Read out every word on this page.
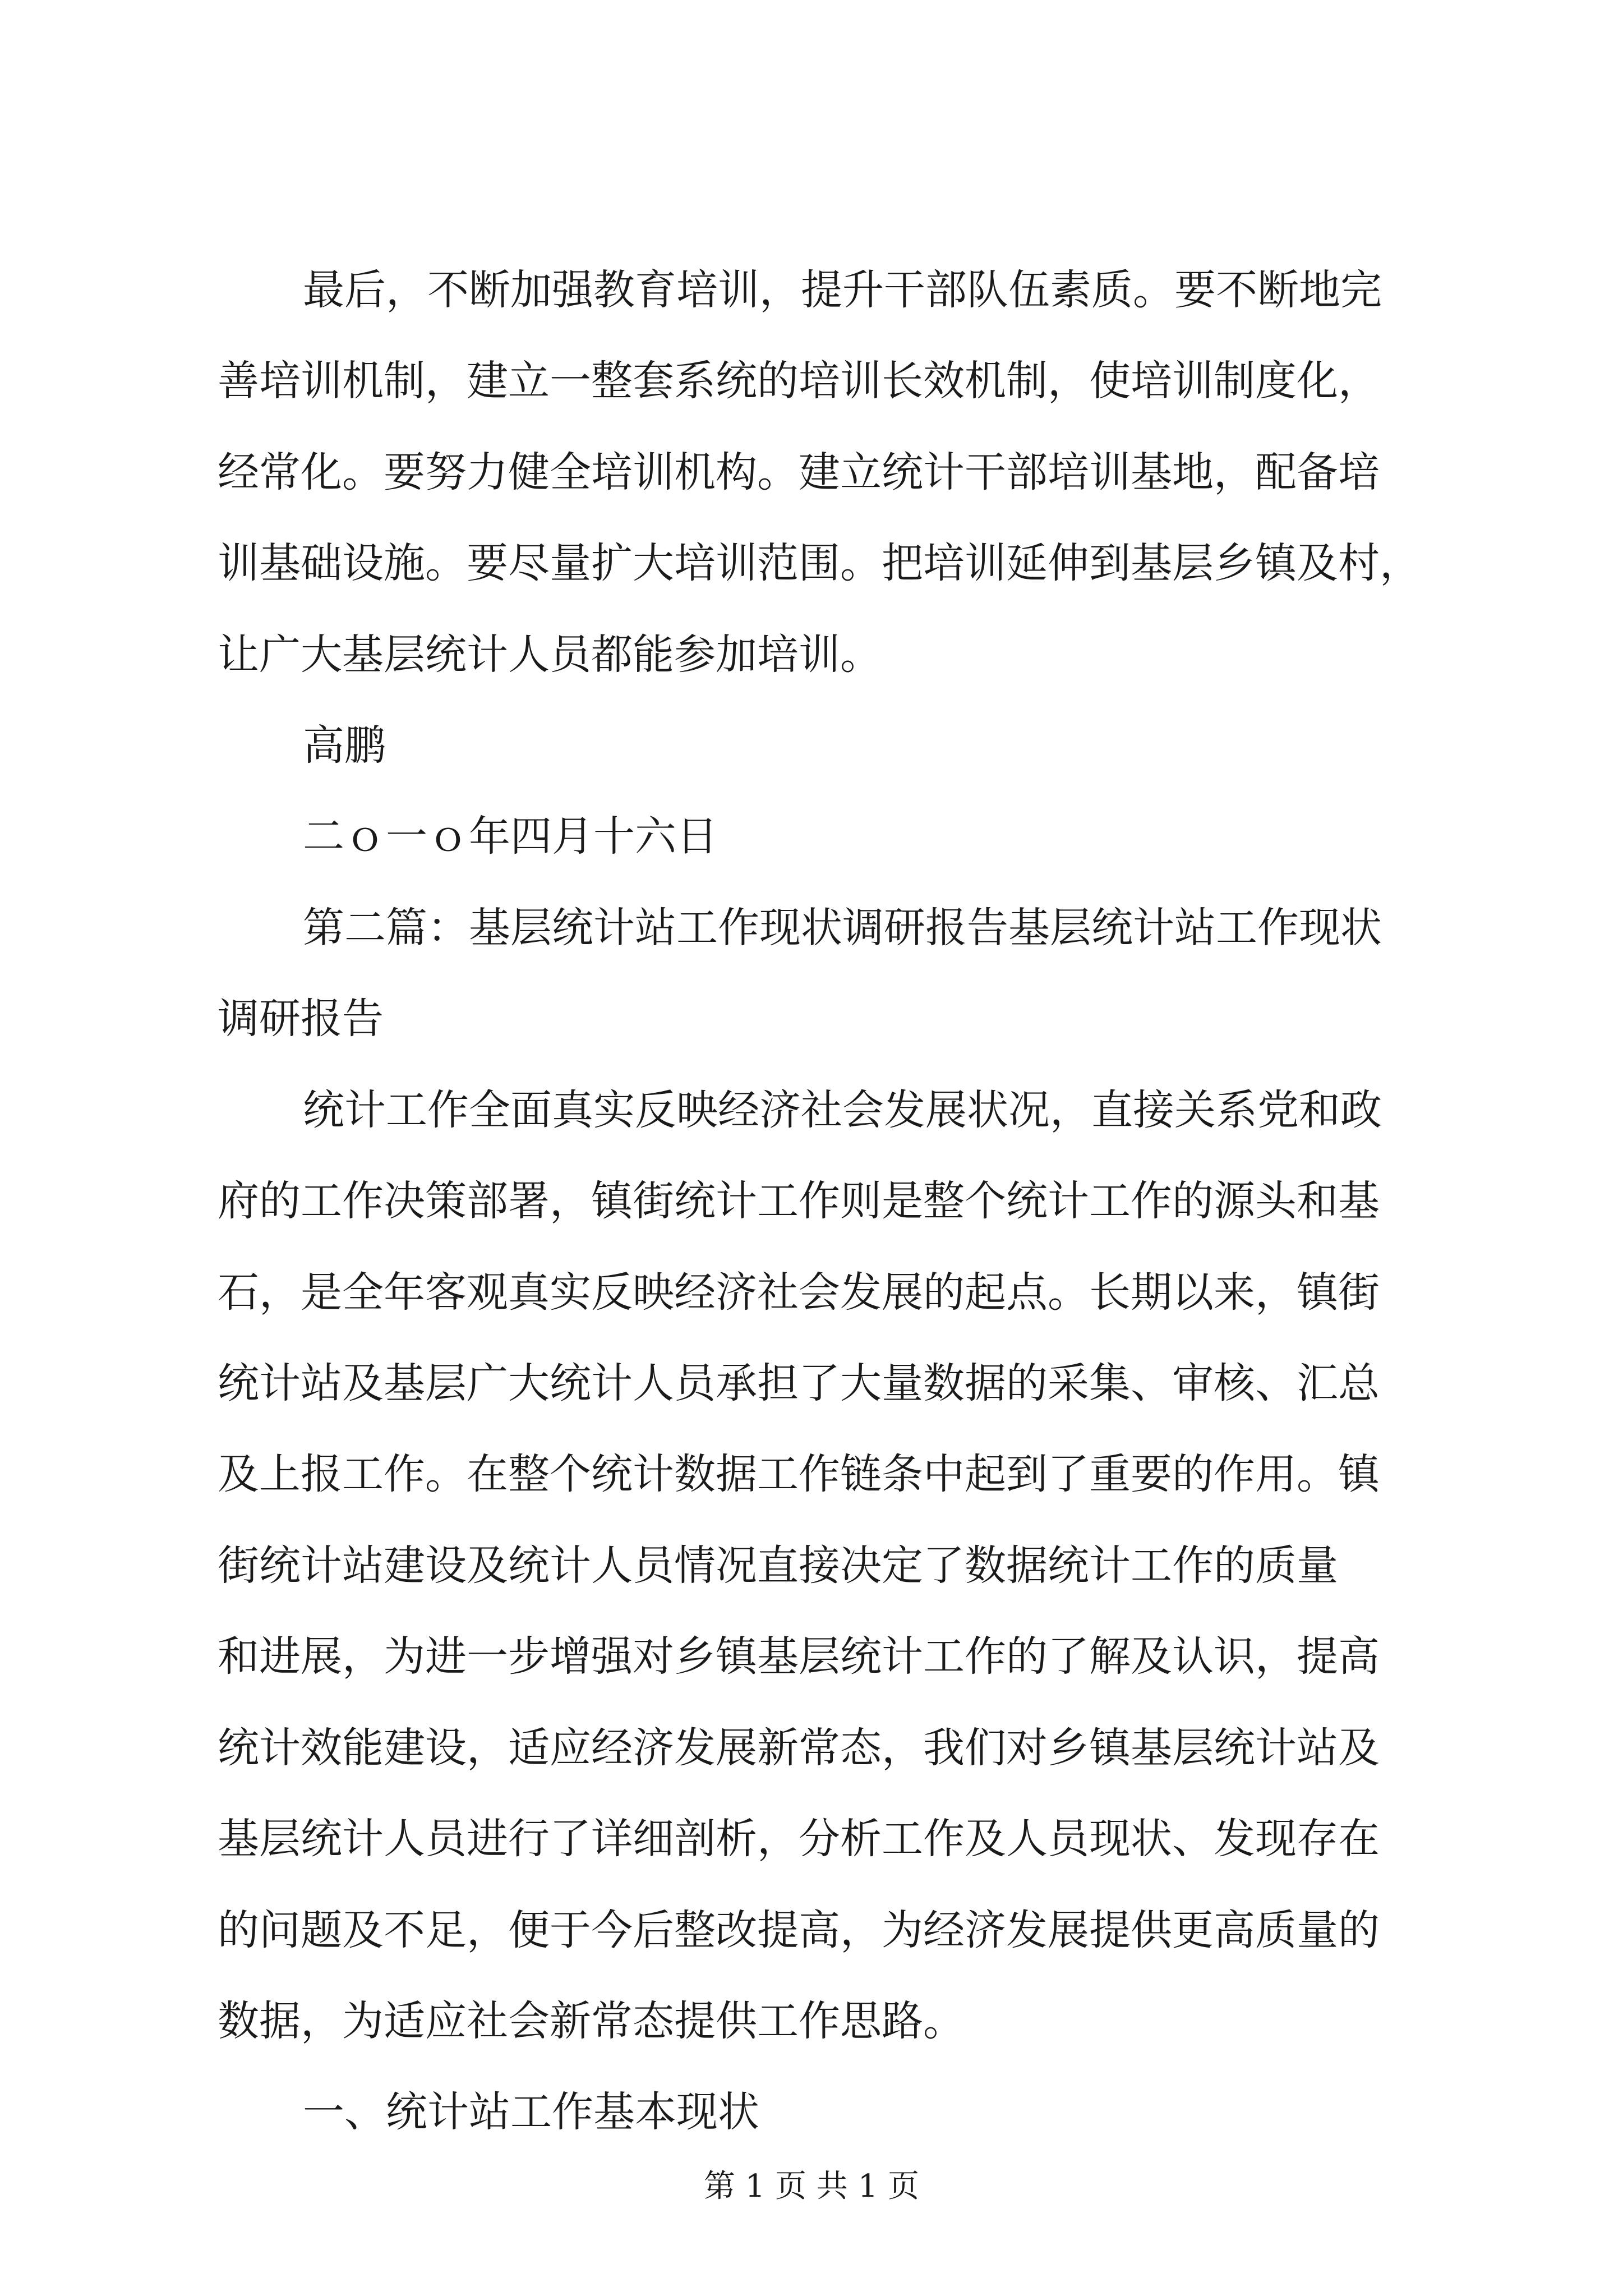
最后，不断加强教育培训，提升干部队伍素质。要不断地完
善培训机制，建立一整套系统的培训长效机制，使培训制度化，
经常化。要努力健全培训机构。建立统计干部培训基地，配备培
训基础设施。要尽量扩大培训范围。把培训延伸到基层乡镇及村，
让广大基层统计人员都能参加培训。
高鹏
二ｏ一ｏ年四月十六日
第二篇：基层统计站工作现状调研报告基层统计站工作现状
调研报告
统计工作全面真实反映经济社会发展状况，直接关系党和政
府的工作决策部署，镇街统计工作则是整个统计工作的源头和基
石，是全年客观真实反映经济社会发展的起点。长期以来，镇街
统计站及基层广大统计人员承担了大量数据的采集、审核、汇总
及上报工作。在整个统计数据工作链条中起到了重要的作用。镇
街统计站建设及统计人员情况直接决定了数据统计工作的质量
和进展，为进一步增强对乡镇基层统计工作的了解及认识，提高
统计效能建设，适应经济发展新常态，我们对乡镇基层统计站及
基层统计人员进行了详细剖析，分析工作及人员现状、发现存在
的问题及不足，便于今后整改提高，为经济发展提供更高质量的
数据，为适应社会新常态提供工作思路。
一、统计站工作基本现状
第 1 页 共 1 页
